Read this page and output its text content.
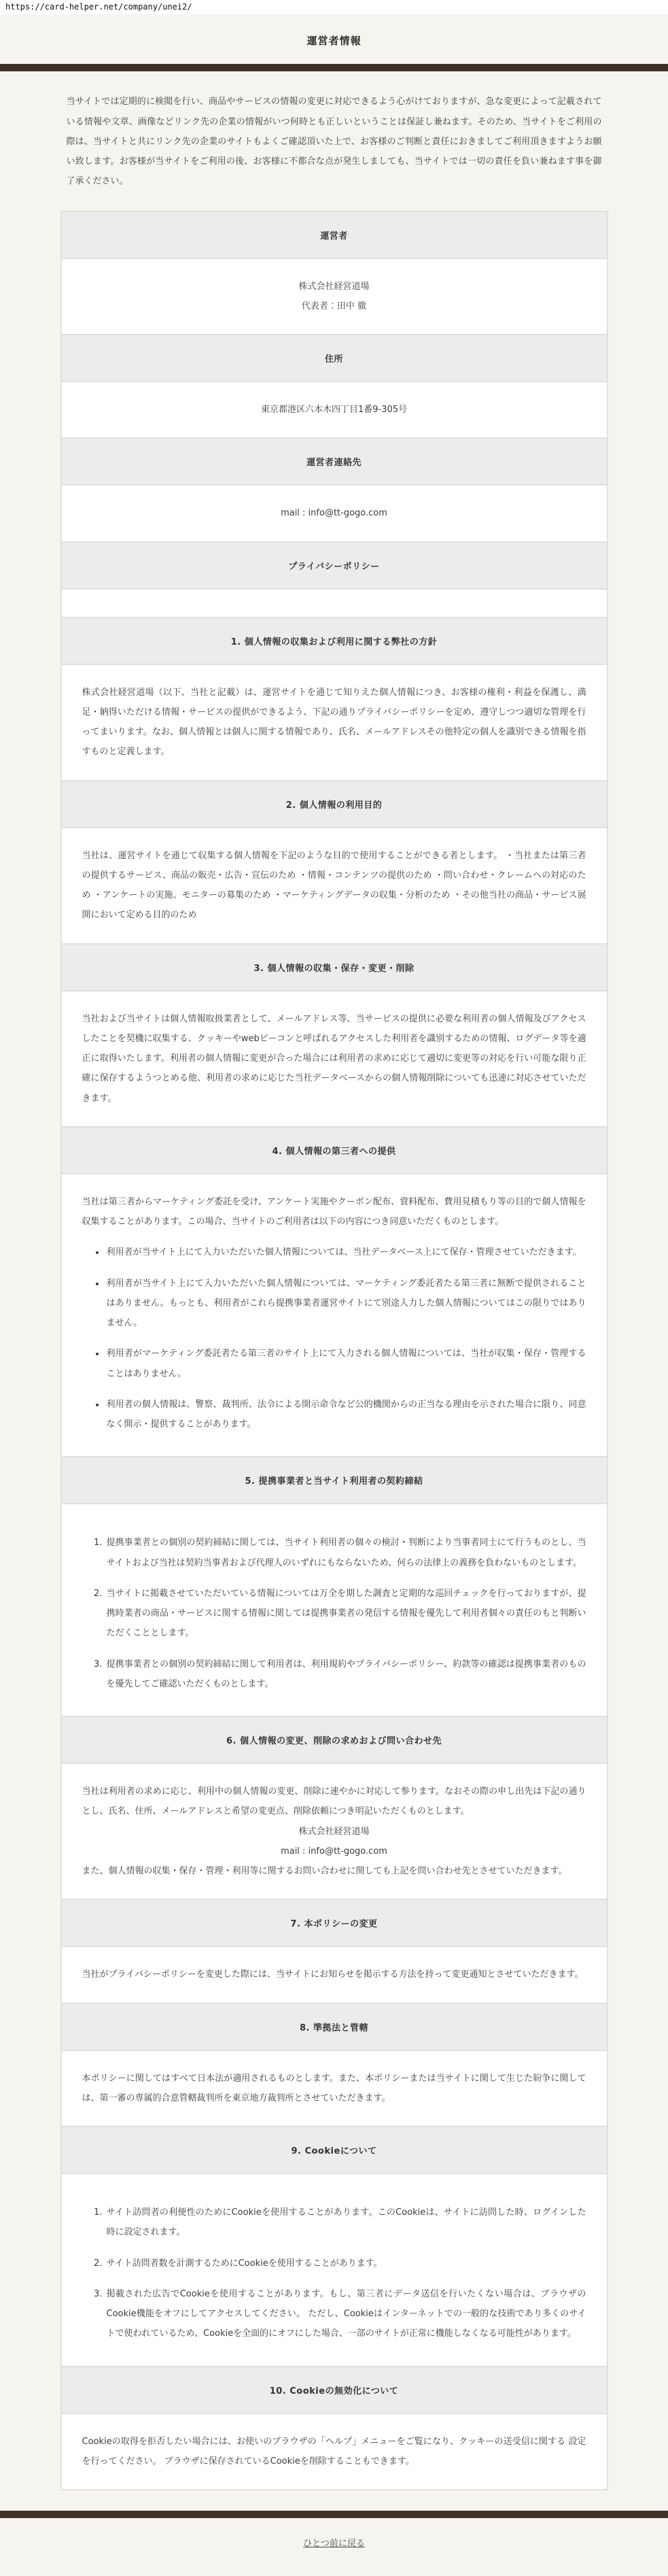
https://card-helper.net/company/unei2/
運営者情報

当サイトでは定期的に検閲を行い、商品やサービスの情報の変更に対応できるよう心がけておりますが、急な変更によって記載されている情報や文章、画像などリンク先の企業の情報がいつ何時とも正しいということは保証し兼ねます。そのため、当サイトをご利用の際は、当サイトと共にリンク先の企業のサイトもよくご確認頂いた上で、お客様のご判断と責任におきましてご利用頂きますようお願い致します。お客様が当サイトをご利用の後、お客様に不都合な点が発生しましても、当サイトでは一切の責任を負い兼ねます事を御了承ください。

運営者

株式会社経営道場
代表者：田中 徹

住所
東京都港区六本木四丁目1番9-305号
運営者連絡先
mail : info@tt-gogo.com
プライバシーポリシー

1. 個人情報の収集および利用に関する弊社の方針
株式会社経営道場（以下、当社と記載）は、運営サイトを通じて知りえた個人情報につき、お客様の権利・利益を保護し、満足・納得いただける情報・サービスの提供ができるよう、下記の通りプライバシーポリシーを定め、遵守しつつ適切な管理を行ってまいります。なお、個人情報とは個人に関する情報であり、氏名、メールアドレスその他特定の個人を識別できる情報を指すものと定義します。
2. 個人情報の利用目的
当社は、運営サイトを通じて収集する個人情報を下記のような目的で使用することができる者とします。 ・当社または第三者の提供するサービス、商品の販売・広告・宣伝のため ・情報・コンテンツの提供のため ・問い合わせ・クレームへの対応のため ・アンケートの実施、モニターの募集のため ・マーケティングデータの収集・分析のため ・その他当社の商品・サービス展開において定める目的のため
3. 個人情報の収集・保存・変更・削除
当社および当サイトは個人情報取扱業者として、メールアドレス等、当サービスの提供に必要な利用者の個人情報及びアクセスしたことを契機に収集する、クッキーやwebビーコンと呼ばれるアクセスした利用者を識別するための情報、ログデータ等を適正に取得いたします。利用者の個人情報に変更が合った場合には利用者の求めに応じて適切に変更等の対応を行い可能な限り正確に保存するようつとめる他、利用者の求めに応じた当社データベースからの個人情報削除についても迅速に対応させていただきます。
4. 個人情報の第三者への提供

当社は第三者からマーケティング委託を受け、アンケート実施やクーポン配布、資料配布、費用見積もり等の目的で個人情報を収集することがあります。この場合、当サイトのご利用者は以下の内容につき同意いただくものとします。

• 利用者が当サイト上にて入力いただいた個人情報については、当社データベース上にて保存・管理させていただきます。
• 利用者が当サイト上にて入力いただいた個人情報については、マーケティング委託者たる第三者に無断で提供されることはありません。もっとも、利用者がこれら提携事業者運営サイトにて別途入力した個人情報についてはこの限りではありません。
• 利用者がマーケティング委託者たる第三者のサイト上にて入力される個人情報については、当社が収集・保存・管理することはありません。
• 利用者の個人情報は、警察、裁判所、法令による開示命令など公的機関からの正当なる理由を示された場合に限り、同意なく開示・提供することがあります。

5. 提携事業者と当サイト利用者の契約締結

1. 提携事業者との個別の契約締結に関しては、当サイト利用者の個々の検討・判断により当事者同士にて行うものとし、当サイトおよび当社は契約当事者および代理人のいずれにもならないため、何らの法律上の義務を負わないものとします。
2. 当サイトに掲載させていただいている情報については万全を期した調査と定期的な巡回チェックを行っておりますが、提携時業者の商品・サービスに関する情報に関しては提携事業者の発信する情報を優先して利用者個々の責任のもと判断いただくこととします。
3. 提携事業者との個別の契約締結に関して利用者は、利用規約やプライバシーポリシー、約款等の確認は提携事業者のものを優先してご確認いただくものとします。

6. 個人情報の変更、削除の求めおよび問い合わせ先

当社は利用者の求めに応じ、利用中の個人情報の変更、削除に速やかに対応して参ります。なおその際の申し出先は下記の通りとし、氏名、住所、メールアドレスと希望の変更点、削除依頼につき明記いただくものとします。

株式会社経営道場
mail : info@tt-gogo.com

また、個人情報の収集・保存・管理・利用等に関するお問い合わせに関しても上記を問い合わせ先とさせていただきます。

7. 本ポリシーの変更
当社がプライバシーポリシーを変更した際には、当サイトにお知らせを掲示する方法を持って変更通知とさせていただきます。
8. 準拠法と管轄
本ポリシーに関してはすべて日本法が適用されるものとします。また、本ポリシーまたは当サイトに関して生じた紛争に関しては、第一審の専属的合意管轄裁判所を東京地方裁判所とさせていただきます。
9. Cookieについて

1. サイト訪問者の利便性のためにCookieを使用することがあります。このCookieは、サイトに訪問した時、ログインした時に設定されます。
2. サイト訪問者数を計測するためにCookieを使用することがあります。
3. 掲載された広告でCookieを使用することがあります。もし、第三者にデータ送信を行いたくない場合は、ブラウザのCookie機能をオフにしてアクセスしてください。 ただし、Cookieはインターネットでの一般的な技術であり多くのサイトで使われているため、Cookieを全面的にオフにした場合、一部のサイトが正常に機能しなくなる可能性があります。

10. Cookieの無効化について
Cookieの取得を拒否したい場合には、お使いのブラウザの「ヘルプ」メニューをご覧になり、クッキーの送受信に関する 設定を行ってください。 ブラウザに保存されているCookieを削除することもできます。
ひとつ前に戻る
